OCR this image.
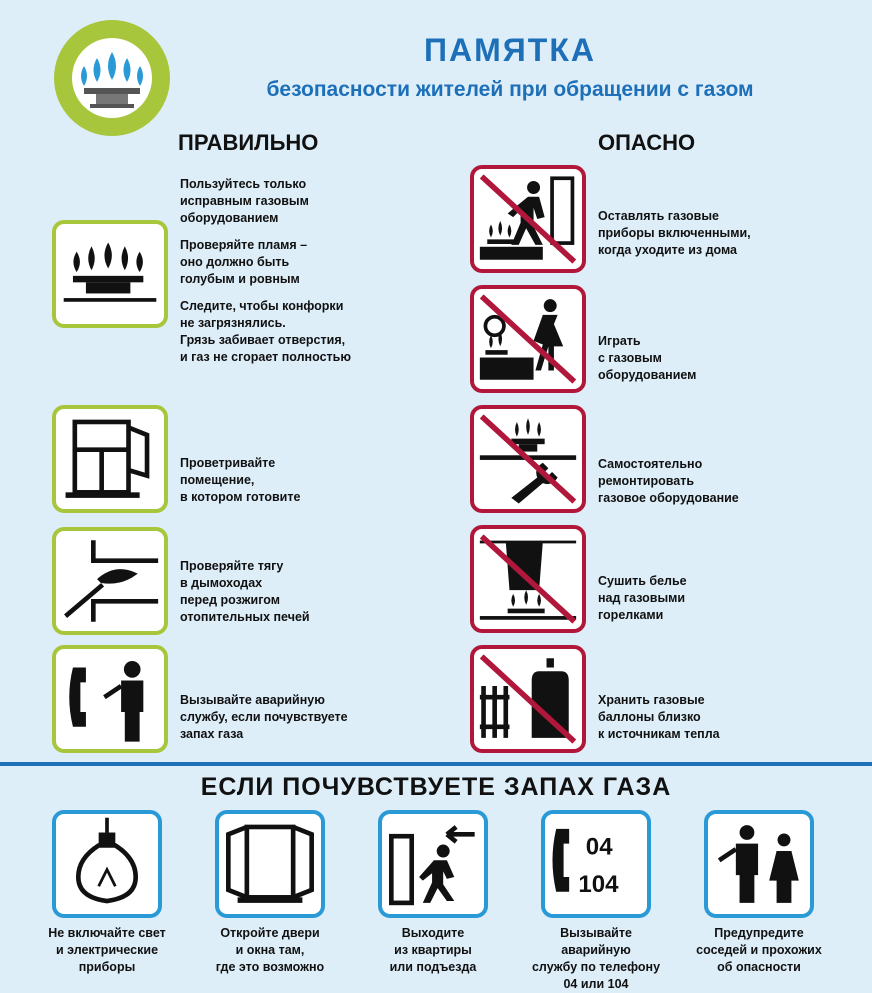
ПАМЯТКА
безопасности жителей при обращении с газом
ПРАВИЛЬНО	ОПАСНО
Пользуйтесь только
исправным газовым
оборудованием
Проверяйте пламя –
оно должно быть
голубым и ровным
Следите, чтобы конфорки
не загрязнялись.
Грязь забивает отверстия,
и газ не сгорает полностью
Проветривайте
помещение,
в котором готовите
Проверяйте тягу
в дымоходах
перед розжигом
отопительных печей
Вызывайте аварийную
службу, если почувствуете
запах газа
Оставлять газовые
приборы включенными,
когда уходите из дома
Играть
с газовым
оборудованием
Самостоятельно
ремонтировать
газовое оборудование
Сушить белье
над газовыми
горелками
Хранить газовые
баллоны близко
к источникам тепла
ЕСЛИ ПОЧУВСТВУЕТЕ ЗАПАХ ГАЗА
04
104
Не включайте свет
и электрические
приборы
Откройте двери
и окна там,
где это возможно
Выходите
из квартиры
или подъезда
Вызывайте аварийную
службу по телефону
04 или 104
Предупредите
соседей и прохожих
об опасности
